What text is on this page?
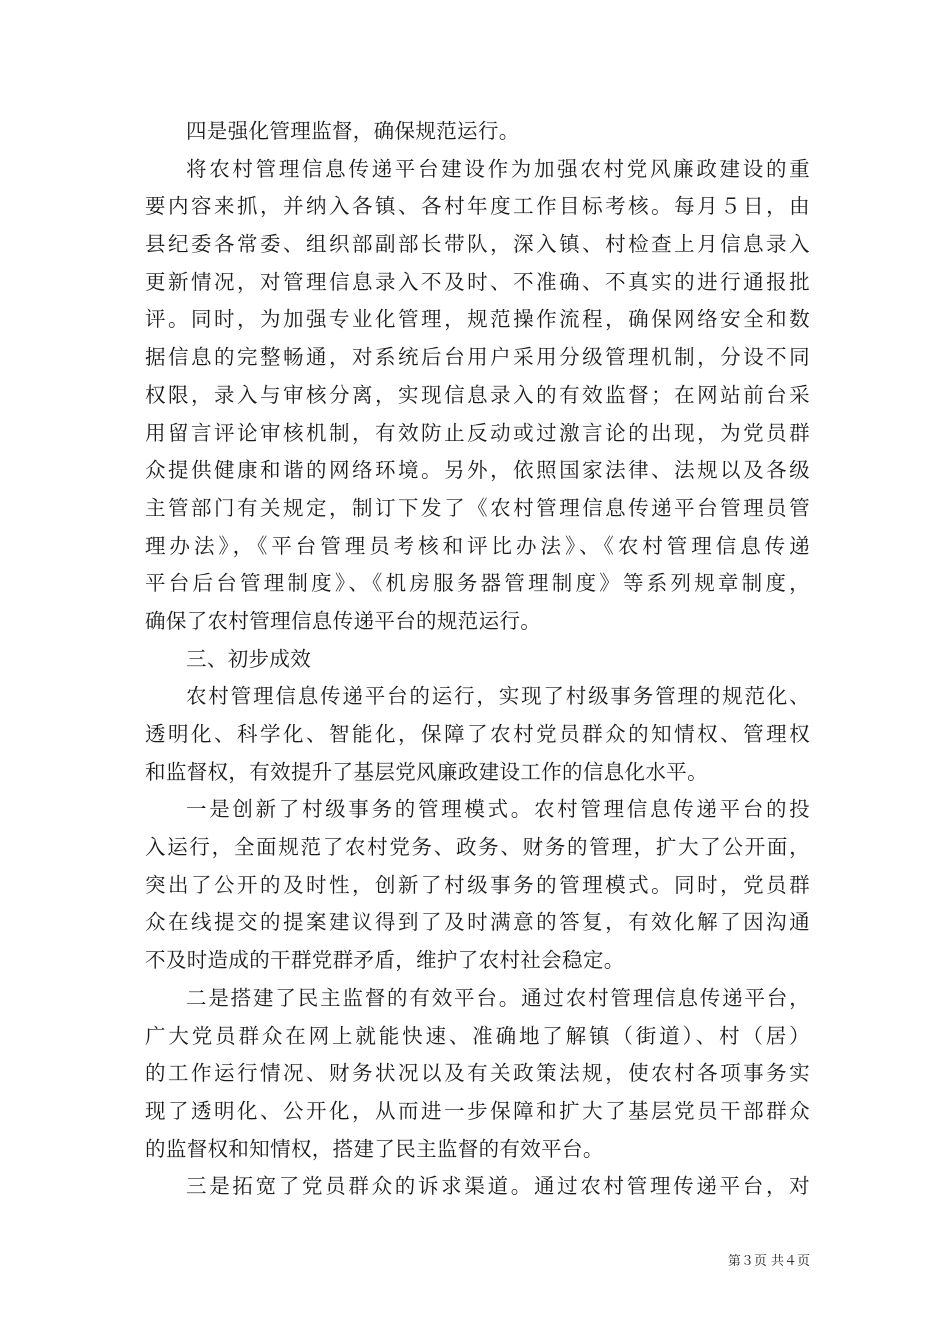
四是强化管理监督，确保规范运行。
将农村管理信息传递平台建设作为加强农村党风廉政建设的重
要内容来抓，并纳入各镇、各村年度工作目标考核。每月５日，由
县纪委各常委、组织部副部长带队，深入镇、村检查上月信息录入
更新情况，对管理信息录入不及时、不准确、不真实的进行通报批
评。同时，为加强专业化管理，规范操作流程，确保网络安全和数
据信息的完整畅通，对系统后台用户采用分级管理机制，分设不同
权限，录入与审核分离，实现信息录入的有效监督；在网站前台采
用留言评论审核机制，有效防止反动或过激言论的出现，为党员群
众提供健康和谐的网络环境。另外，依照国家法律、法规以及各级
主管部门有关规定，制订下发了《农村管理信息传递平台管理员管
理办法》，《平台管理员考核和评比办法》、《农村管理信息传递
平台后台管理制度》、《机房服务器管理制度》等系列规章制度，
确保了农村管理信息传递平台的规范运行。
三、初步成效
农村管理信息传递平台的运行，实现了村级事务管理的规范化、
透明化、科学化、智能化，保障了农村党员群众的知情权、管理权
和监督权，有效提升了基层党风廉政建设工作的信息化水平。
一是创新了村级事务的管理模式。农村管理信息传递平台的投
入运行，全面规范了农村党务、政务、财务的管理，扩大了公开面，
突出了公开的及时性，创新了村级事务的管理模式。同时，党员群
众在线提交的提案建议得到了及时满意的答复，有效化解了因沟通
不及时造成的干群党群矛盾，维护了农村社会稳定。
二是搭建了民主监督的有效平台。通过农村管理信息传递平台，
广大党员群众在网上就能快速、准确地了解镇（街道）、村（居）
的工作运行情况、财务状况以及有关政策法规，使农村各项事务实
现了透明化、公开化，从而进一步保障和扩大了基层党员干部群众
的监督权和知情权，搭建了民主监督的有效平台。
三是拓宽了党员群众的诉求渠道。通过农村管理传递平台，对
第３页 共４页
